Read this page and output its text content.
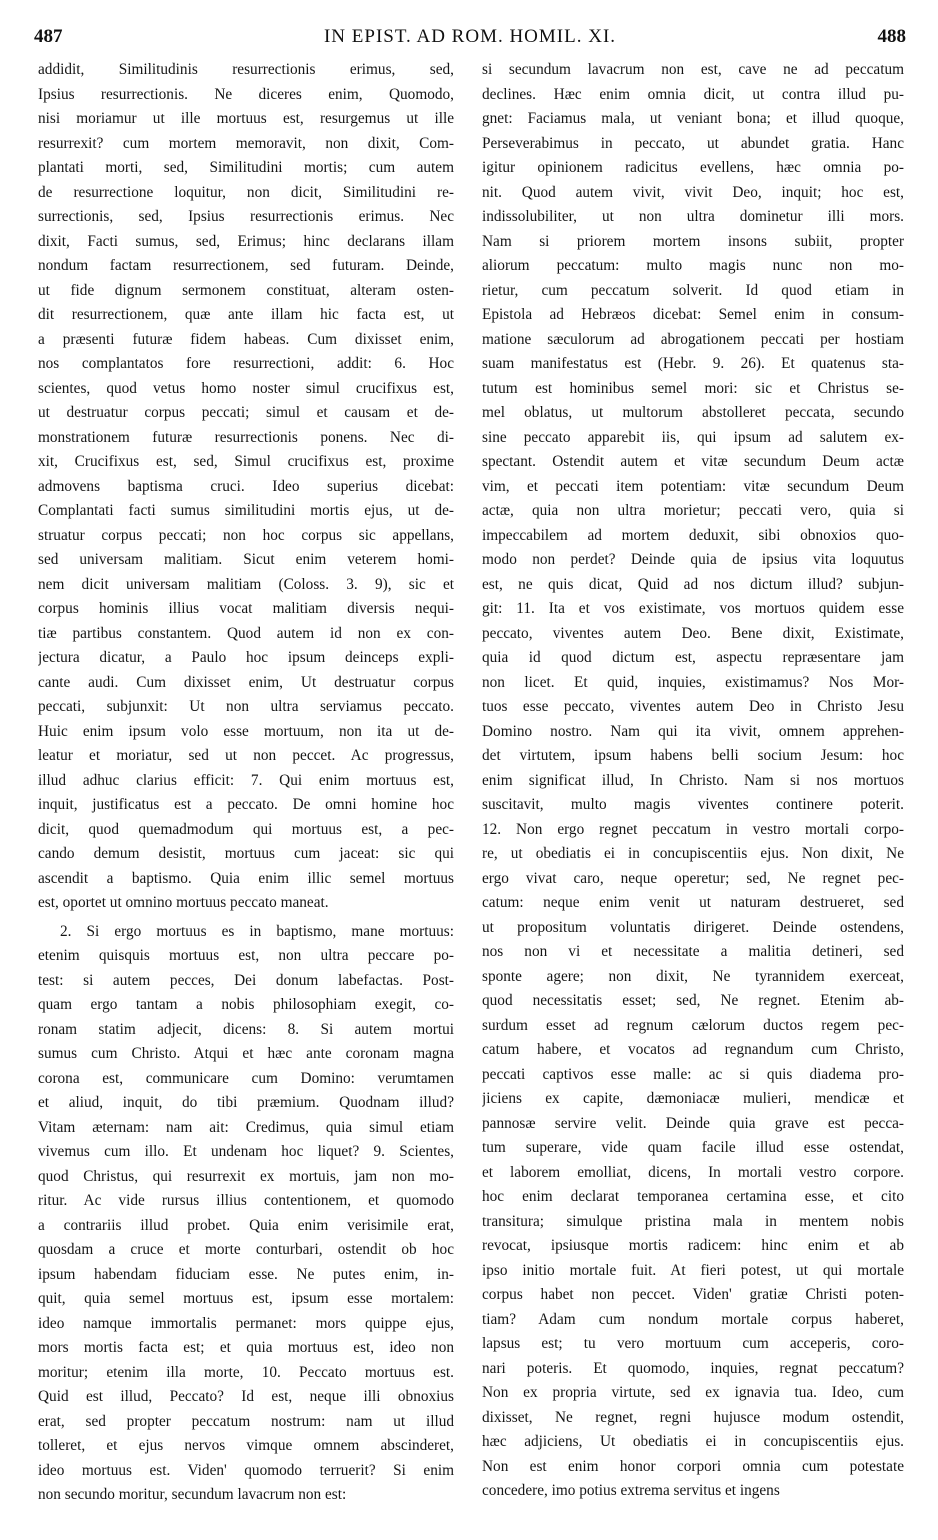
487	IN EPIST. AD ROM. HOMIL. XI.	488
addidit, Similitudinis resurrectionis erimus, sed,
Ipsius resurrectionis. Ne diceres enim, Quomodo,
nisi moriamur ut ille mortuus est, resurgemus ut ille
resurrexit? cum mortem memoravit, non dixit, Com-
plantati morti, sed, Similitudini mortis; cum autem
de resurrectione loquitur, non dicit, Similitudini re-
surrectionis, sed, Ipsius resurrectionis erimus. Nec
dixit, Facti sumus, sed, Erimus; hinc declarans illam
nondum factam resurrectionem, sed futuram. Deinde,
ut fide dignum sermonem constituat, alteram osten-
dit resurrectionem, quæ ante illam hic facta est, ut
a præsenti futuræ fidem habeas. Cum dixisset enim,
nos complantatos fore resurrectioni, addit: 6. Hoc
scientes, quod vetus homo noster simul crucifixus est,
ut destruatur corpus peccati; simul et causam et de-
monstrationem futuræ resurrectionis ponens. Nec di-
xit, Crucifixus est, sed, Simul crucifixus est, proxime
admovens baptisma cruci. Ideo superius dicebat:
Complantati facti sumus similitudini mortis ejus, ut de-
struatur corpus peccati; non hoc corpus sic appellans,
sed universam malitiam. Sicut enim veterem homi-
nem dicit universam malitiam (Coloss. 3. 9), sic et
corpus hominis illius vocat malitiam diversis nequi-
tiæ partibus constantem. Quod autem id non ex con-
jectura dicatur, a Paulo hoc ipsum deinceps expli-
cante audi. Cum dixisset enim, Ut destruatur corpus
peccati, subjunxit: Ut non ultra serviamus peccato.
Huic enim ipsum volo esse mortuum, non ita ut de-
leatur et moriatur, sed ut non peccet. Ac progressus,
illud adhuc clarius efficit: 7. Qui enim mortuus est,
inquit, justificatus est a peccato. De omni homine hoc
dicit, quod quemadmodum qui mortuus est, a pec-
cando demum desistit, mortuus cum jaceat: sic qui
ascendit a baptismo. Quia enim illic semel mortuus
est, oportet ut omnino mortuus peccato maneat.
2. Si ergo mortuus es in baptismo, mane mortuus:
etenim quisquis mortuus est, non ultra peccare po-
test: si autem pecces, Dei donum labefactas. Post-
quam ergo tantam a nobis philosophiam exegit, co-
ronam statim adjecit, dicens: 8. Si autem mortui
sumus cum Christo. Atqui et hæc ante coronam magna
corona est, communicare cum Domino: verumtamen
et aliud, inquit, do tibi præmium. Quodnam illud?
Vitam æternam: nam ait: Credimus, quia simul etiam
vivemus cum illo. Et undenam hoc liquet? 9. Scientes,
quod Christus, qui resurrexit ex mortuis, jam non mo-
ritur. Ac vide rursus illius contentionem, et quomodo
a contrariis illud probet. Quia enim verisimile erat,
quosdam a cruce et morte conturbari, ostendit ob hoc
ipsum habendam fiduciam esse. Ne putes enim, in-
quit, quia semel mortuus est, ipsum esse mortalem:
ideo namque immortalis permanet: mors quippe ejus,
mors mortis facta est; et quia mortuus est, ideo non
moritur; etenim illa morte, 10. Peccato mortuus est.
Quid est illud, Peccato? Id est, neque illi obnoxius
erat, sed propter peccatum nostrum: nam ut illud
tolleret, et ejus nervos vimque omnem abscinderet,
ideo mortuus est. Viden' quomodo terruerit? Si enim
non secundo moritur, secundum lavacrum non est:
si secundum lavacrum non est, cave ne ad peccatum
declines. Hæc enim omnia dicit, ut contra illud pu-
gnet: Faciamus mala, ut veniant bona; et illud quoque,
Perseverabimus in peccato, ut abundet gratia. Hanc
igitur opinionem radicitus evellens, hæc omnia po-
nit. Quod autem vivit, vivit Deo, inquit; hoc est,
indissolubiliter, ut non ultra dominetur illi mors.
Nam si priorem mortem insons subiit, propter
aliorum peccatum: multo magis nunc non mo-
rietur, cum peccatum solverit. Id quod etiam in
Epistola ad Hebræos dicebat: Semel enim in consum-
matione sæculorum ad abrogationem peccati per hostiam
suam manifestatus est (Hebr. 9. 26). Et quatenus sta-
tutum est hominibus semel mori: sic et Christus se-
mel oblatus, ut multorum abstolleret peccata, secundo
sine peccato apparebit iis, qui ipsum ad salutem ex-
spectant. Ostendit autem et vitæ secundum Deum actæ
vim, et peccati item potentiam: vitæ secundum Deum
actæ, quia non ultra morietur; peccati vero, quia si
impeccabilem ad mortem deduxit, sibi obnoxios quo-
modo non perdet? Deinde quia de ipsius vita loquutus
est, ne quis dicat, Quid ad nos dictum illud? subjun-
git: 11. Ita et vos existimate, vos mortuos quidem esse
peccato, viventes autem Deo. Bene dixit, Existimate,
quia id quod dictum est, aspectu repræsentare jam
non licet. Et quid, inquies, existimamus? Nos Mor-
tuos esse peccato, viventes autem Deo in Christo Jesu
Domino nostro. Nam qui ita vivit, omnem apprehen-
det virtutem, ipsum habens belli socium Jesum: hoc
enim significat illud, In Christo. Nam si nos mortuos
suscitavit, multo magis viventes continere poterit.
12. Non ergo regnet peccatum in vestro mortali corpo-
re, ut obediatis ei in concupiscentiis ejus. Non dixit, Ne
ergo vivat caro, neque operetur; sed, Ne regnet pec-
catum: neque enim venit ut naturam destrueret, sed
ut propositum voluntatis dirigeret. Deinde ostendens,
nos non vi et necessitate a malitia detineri, sed
sponte agere; non dixit, Ne tyrannidem exerceat,
quod necessitatis esset; sed, Ne regnet. Etenim ab-
surdum esset ad regnum cælorum ductos regem pec-
catum habere, et vocatos ad regnandum cum Christo,
peccati captivos esse malle: ac si quis diadema pro-
jiciens ex capite, dæmoniacæ mulieri, mendicæ et
pannosæ servire velit. Deinde quia grave est pecca-
tum superare, vide quam facile illud esse ostendat,
et laborem emolliat, dicens, In mortali vestro corpore.
hoc enim declarat temporanea certamina esse, et cito
transitura; simulque pristina mala in mentem nobis
revocat, ipsiusque mortis radicem: hinc enim et ab
ipso initio mortale fuit. At fieri potest, ut qui mortale
corpus habet non peccet. Viden' gratiæ Christi poten-
tiam? Adam cum nondum mortale corpus haberet,
lapsus est; tu vero mortuum cum acceperis, coro-
nari poteris. Et quomodo, inquies, regnat peccatum?
Non ex propria virtute, sed ex ignavia tua. Ideo, cum
dixisset, Ne regnet, regni hujusce modum ostendit,
hæc adjiciens, Ut obediatis ei in concupiscentiis ejus.
Non est enim honor corpori omnia cum potestate
concedere, imo potius extrema servitus et ingens
